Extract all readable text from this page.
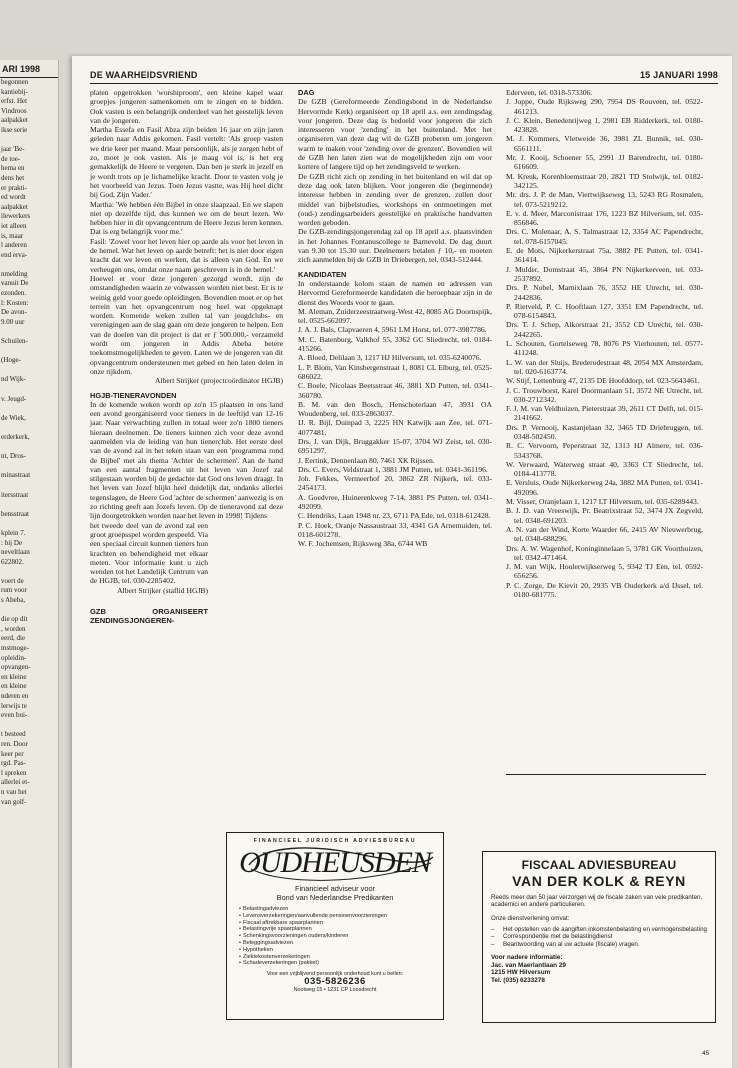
ARI 1998
begonnen
kantiebij-
erfst. Het
Vindroos
aalpakket
ikse serie

jaar 'Be-
de toe-
hema en
dens het
er prakti-
ed wordt
aalpakket
ilewerkers
iet alleen
is, maar
l anderen
end erva-

nmelding
vanuit De
ezonden.
l: Kosten:
De avon-
9.00 uur

Schuilen-

(Hoge-

nd Wijk-

v. Jeugd-

de Wiek,

erderkerk,

nt, Dros-

minastraat

itersstraat

bensstraat

kplein 7.
: bij De
neveltlaan
622802.

voert de
rum voor
s Abeba,

die op dit
, worden
eerd, die
mstmoge-
opleidin-
opvangen-
en kleine
en kleine
nderen en
lerwijs te
even bui-

t besteed
ren. Door
keer per
rgd. Pas-
l spreken
allerlei et-
n van het
van golf-
DE WAARHEIDSVRIEND	15 JANUARI 1998

platen opgetrokken 'worshiproom', een kleine kapel waar groepjes jongeren samenkomen om te zingen en te bidden. Ook vasten is een belangrijk onderdeel van het geestelijk leven van de jongeren.

Martha Essefa en Fasil Abza zijn beiden 16 jaar en zijn jaren geleden naar Addis gekomen. Fasil vertelt: 'Als groep vasten we drie keer per maand. Maar persoonlijk, als je zorgen hebt of zo, moet je ook vasten. Als je maag vol is, is het erg gemakkelijk de Heere te vergeten. Dan ben je sterk in jezelf en je wordt trots op je lichamelijke kracht. Door te vasten volg je het voorbeeld van Jezus. Toen Jezus vastte, was Hij heel dicht bij God, Zijn Vader.'

Martha: 'We hebben één Bijbel in onze slaapzaal. En we slapen niet op dezelfde tijd, dus kunnen we om de beurt lezen. We hebben hier in dit opvangcentrum de Heere Jezus leren kennen. Dat is erg belangrijk voor me.'

Fasil: 'Zowel voor het leven hier op aarde als voor het leven in de hemel. Wat het leven op aarde betreft: het is niet door eigen kracht dat we leven en werken, dat is alleen van God. En we verheugen ons, omdat onze naam geschreven is in de hemel.'

Hoewel er voor deze jongeren gezorgd wordt, zijn de omstandigheden waarin ze volwassen worden niet best. Er is te weinig geld voor goede opleidingen. Bovendien moet er op het terrein van het opvangcentrum nog heel wat opgeknapt worden. Komende weken zullen tal van jeugdclubs- en verenigingen aan de slag gaan om deze jongeren te helpen. Een van de doelen van dit project is dat er ƒ 500.000,- verzameld wordt om jongeren in Addis Abeba betere toekomstmogelijkheden te geven. Laten we de jongeren van dit opvangcentrum ondersteunen met gebed en hen laten delen in onze rijkdom.

Albert Strijker (projectcoördinator HGJB)

HGJB-TIENERAVONDEN

In de komende weken wordt op zo'n 15 plaatsen in ons land een avond georganiseerd voor tieners in de leeftijd van 12-16 jaar. Naar verwachting zullen in totaal weer zo'n 1800 tieners hieraan deelnemen. De tieners kunnen zich voor deze avond aanmelden via de leiding van hun tienerclub. Het eerste deel van de avond zal in het teken staan van een 'programma rond de Bijbel' met als thema 'Achter de schermen'. Aan de hand van een aantal fragmenten uit het leven van Jozef zal stilgestaan worden bij de gedachte dat God ons leven draagt. In het leven van Jozef blijkt heel duidelijk dat, ondanks allerlei tegenslagen, de Heere God 'achter de schermen' aanwezig is en zo richting geeft aan Jozefs leven. Op de tieneravond zal deze lijn doorgetrokken worden naar het leven in 1998! Tijdens

het tweede deel van de avond zal een groot groepsspel worden gespeeld. Via een speciaal circuit kunnen tieners hun krachten en behendigheid met elkaar meten. Voor informatie kunt u zich wenden tot het Landelijk Centrum van de HGJB, tel. 030-2285402.

Albert Strijker (staflid HGJB)

GZB ORGANISEERT ZENDINGSJONGEREN-

DAG

De GZB (Gereformeerde Zendingsbond in de Nederlandse Hervormde Kerk) organiseert op 18 april a.s. een zendingsdag voor jongeren. Deze dag is bedoeld voor jongeren die zich interesseren voor 'zending' in het buitenland. Met het organiseren van deze dag wil de GZB proberen om jongeren warm te maken voor 'zending over de grenzen'. Bovendien wil de GZB hen laten zien wat de mogelijkheden zijn om voor kortere of langere tijd op het zendingsveld te werken.

De GZB richt zich op zending in het buitenland en wil dat op deze dag ook laten blijken. Voor jongeren die (beginnende) interesse hebben in zending over de grenzen, zullen door middel van bijbelstudies, workshops en ontmoetingen met (oud-) zendingsarbeiders geestelijke en praktische handvatten worden geboden.

De GZB-zendingsjongerendag zal op 18 april a.s. plaatsvinden in het Johannes Fontanuscollege te Barneveld. De dag duurt van 9.30 tot 15.30 uur. Deelnemers betalen ƒ 10,- en moeten zich aanmelden bij de GZB in Driebergen, tel. 0343-512444.

KANDIDATEN

In onderstaande kolom staan de namen en adressen van Hervormd Gereformeerde kandidaten die beroepbaar zijn in de dienst des Woords voor te gaan.

M. Aleman, Zuiderzeestraatweg-West 42, 8085 AG Doornspijk, tel. 0525-662097.

J. A. J. Bals, Clapvaeren 4, 5961 LM Horst, tel. 077-3987786.

M. C. Batenburg, Valkhof 55, 3362 GC Sliedrecht, tel. 0184-415266.

A. Bloed, Delilaan 3, 1217 HJ Hilversum, tel. 035-6240076.

L. P. Blom, Van Kinsbergenstraat 1, 8081 CL Elburg, tel. 0525-686022.

C. Boele, Nicolaas Beetsstraat 46, 3881 XD Putten, tel. 0341-360780.

B. M. van den Bosch, Henschoterlaan 47, 3931 OA Woudenberg, tel. 033-2863037.

IJ. R. Bijl, Duinpad 3, 2225 HN Katwijk aan Zee, tel. 071-4077481.

Drs. J. van Dijk, Bruggakker 15-07, 3704 WJ Zeist, tel. 030-6951297.

J. Eertink, Dennenlaan 80, 7461 XK Rijssen.

Drs. C. Evers, Veldstraat 1, 3881 JM Putten, tel. 0341-361196.

Joh. Fekkes, Vermeerhof 20, 3862 ZR Nijkerk, tel. 033-2454173.

A. Goedvree, Huinerenkweg 7-14, 3881 PS Putten, tel. 0341-492099.

C. Hendriks, Laan 1948 nr. 23, 6711 PA Ede, tel. 0318-612428.

P. C. Hoek, Oranje Nassaustraat 33, 4341 GA Arnemuiden, tel. 0118-601278.

W. F. Jochemsen, Rijksweg 38a, 6744 WB

Ederveen, tel. 0318-573306.

J. Joppe, Oude Rijksweg 290, 7954 DS Rouveen, tel. 0522-461213.

J. C. Klein, Benedenrijweg 1, 2981 EB Ridderkerk, tel. 0180-423828.

M. J. Kommers, Vletweide 36, 3981 ZL Bunnik, tel. 030-6561111.

Mr. J. Kooij, Schoener 55, 2991 JJ Barendrecht, tel. 0180-616609.

M. Kreuk, Korenbloemstraat 20, 2821 TD Stolwijk, tel. 0182-342125.

Mr. drs. J. P. de Man, Viertwijkseweg 13, 5243 RG Rosmalen, tel. 073-5219212.

E. v. d. Meer, Marconistraat 176, 1223 BZ Hilversum, tel. 035-856846.

Drs. C. Molenaar, A. S. Talmastraat 12, 3354 AC Papendrecht, tel. 078-6157045.

E. de Mots, Nijkerkerstraat 75a, 3882 PE Putten, tel. 0341-361414.

J. Mulder, Domstraat 45, 3864 PN Nijkerkerveen, tel. 033-2537892.

Drs. P. Nobel, Marnixlaan 76, 3552 HE Utrecht, tel. 030-2442836.

P. Rietveld, P. C. Hooftlaan 127, 3351 EM Papendrecht, tel. 078-6154843.

Drs. T. J. Schep, Alkorstraat 21, 3552 CD Utrecht, tel. 030-2442265.

L. Schouten, Gortelseweg 78, 8076 PS Vierhouten, tel. 0577-411248.

L. W. van der Sluijs, Brederodestraat 48, 2054 MX Amsterdam, tel. 020-6163774.

W. Stijf, Lettenburg 47, 2135 DE Hoofddorp, tel. 023-5643461.

J. C. Trouwborst, Karel Doormanlaan 51, 3572 NE Utrecht, tel. 030-2712342.

F. J. M. van Veldhuizen, Pieterstraat 39, 2611 CT Delft, tel. 015-2141662.

Drs. P. Vernooij, Kastanjelaan 32, 3465 TD Driebruggen, tel. 0348-502450.

R. C. Vervoorn, Peperstraat 32, 1313 HJ Almere, tel. 036-5343768.

W. Verwaard, Waterweg straat 40, 3363 CT Sliedrecht, tel. 0184-413778.

E. Versluis, Oude Nijkerkerweg 24a, 3882 MA Putten, tel. 0341-492096.

M. Visser, Oranjelaan 1, 1217 LT Hilversum, tel. 035-6289443.

B. J. D. van Vreeswijk, Pr. Beatrixstraat 52, 3474 JX Zegveld, tel. 0348-691203.

A. N. van der Wind, Korte Waarder 66, 2415 AV Nieuwerbrug, tel. 0348-688296.

Drs. A. W. Wagenhof, Koninginnelaan 5, 3781 GK Voorthuizen, tel. 0342-471464.

J. M. van Wijk, Houlerwijkserweg 5, 9342 TJ Een, tel. 0592-656256.

P. C. Zorge, De Kievit 20, 2935 VB Ouderkerk a/d IJssel, tel. 0180-681775.

FINANCIEEL JURIDISCH ADVIESBUREAU
OUDHEUSDEN
Financieel adviseur voor
Bond van Nederlandse Predikanten
• Belastingadviezen
• Levensverzekeringen/aanvullende pensioenvoorzieningen
• Fiscaal aftrekbare spaarplannen
• Belastingvrije spaarplannen
• Schenkingsvoorzieningen ouders/kinderen
• Beleggingsadviezen
• Hypotheken
• Ziektekostenverzekeringen
• Schadeverzekeringen (pakket)
Voor een vrijblijvend persoonlijk onderhoud kunt u bellen:
035-5826236
Nootweg 15 • 1231 CP Loosdrecht
FISCAAL ADVIESBUREAU
VAN DER KOLK & REYN
Reeds meer dan 50 jaar verzorgen wij de fiscale zaken van vele predikanten, academici en andere particulieren.
Onze dienstverlening omvat:
– Het opstellen van de aangiften inkomstenbelasting en vermogensbelasting
– Correspondentie met de belastingdienst
– Beantwoording van al uw actuele (fiscale) vragen.
Voor nadere informatie:
Jac. van Maerlantlaan 29
1215 HW Hilversum
Tel. (035) 6233278
45
